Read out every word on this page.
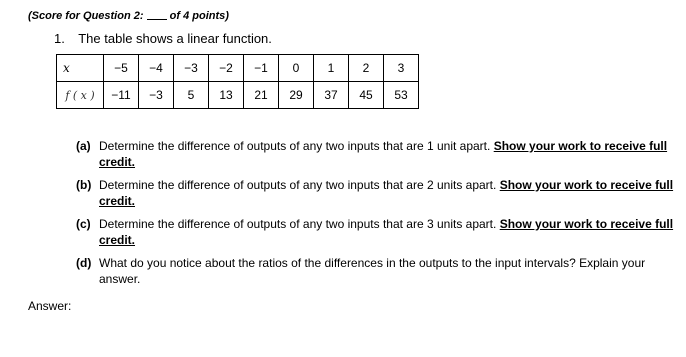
(Score for Question 2:  of 4 points)
1. The table shows a linear function.
x	−5	−4	−3	−2	−1	0	1	2	3
f ( x )	−11	−3	5	13	21	29	37	45	53
(a) Determine the difference of outputs of any two inputs that are 1 unit apart. Show your work to receive full credit.
(b) Determine the difference of outputs of any two inputs that are 2 units apart. Show your work to receive full credit.
(c) Determine the difference of outputs of any two inputs that are 3 units apart. Show your work to receive full credit.
(d) What do you notice about the ratios of the differences in the outputs to the input intervals? Explain your answer.
Answer:
